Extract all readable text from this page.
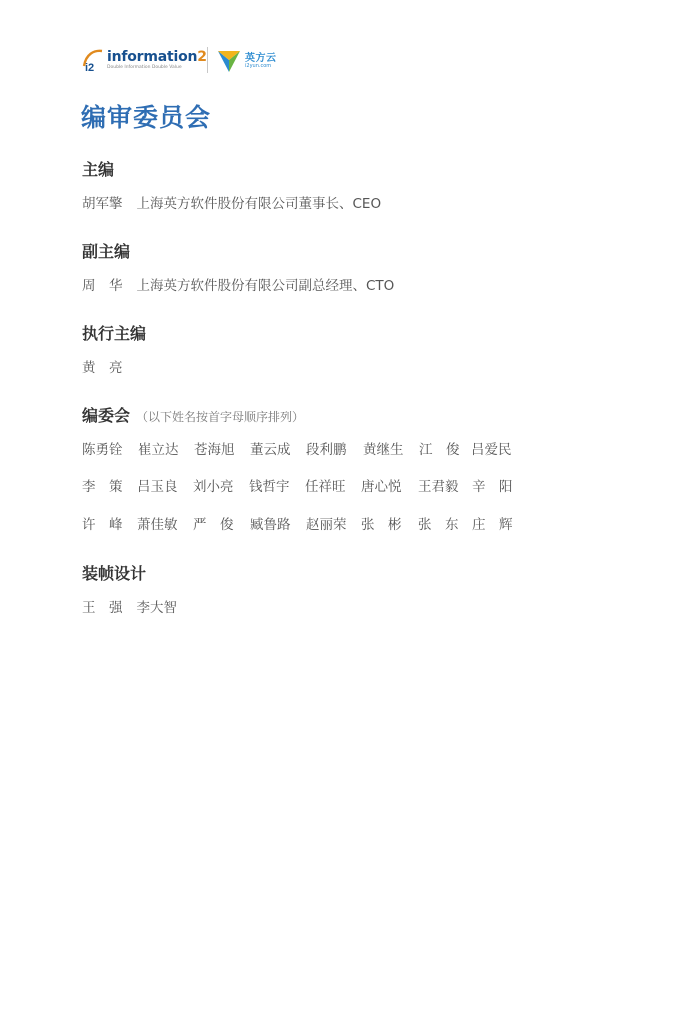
i2
information2
Double Information Double Value
英方云
i2yun.com
编审委员会
主编
胡军擎 上海英方软件股份有限公司董事长、CEO
副主编
周　华 上海英方软件股份有限公司副总经理、CTO
执行主编
黄　亮
编委会 （以下姓名按首字母顺序排列）
陈勇铨 崔立达 苍海旭 董云成 段利鹏 黄继生 江　俊 吕爱民
李　策 吕玉良 刘小亮 钱哲宇 任祥旺 唐心悦 王君毅 辛　阳
许　峰 萧佳敏 严　俊 臧鲁路 赵丽荣 张　彬 张　东 庄　辉
装帧设计
王　强 李大智
